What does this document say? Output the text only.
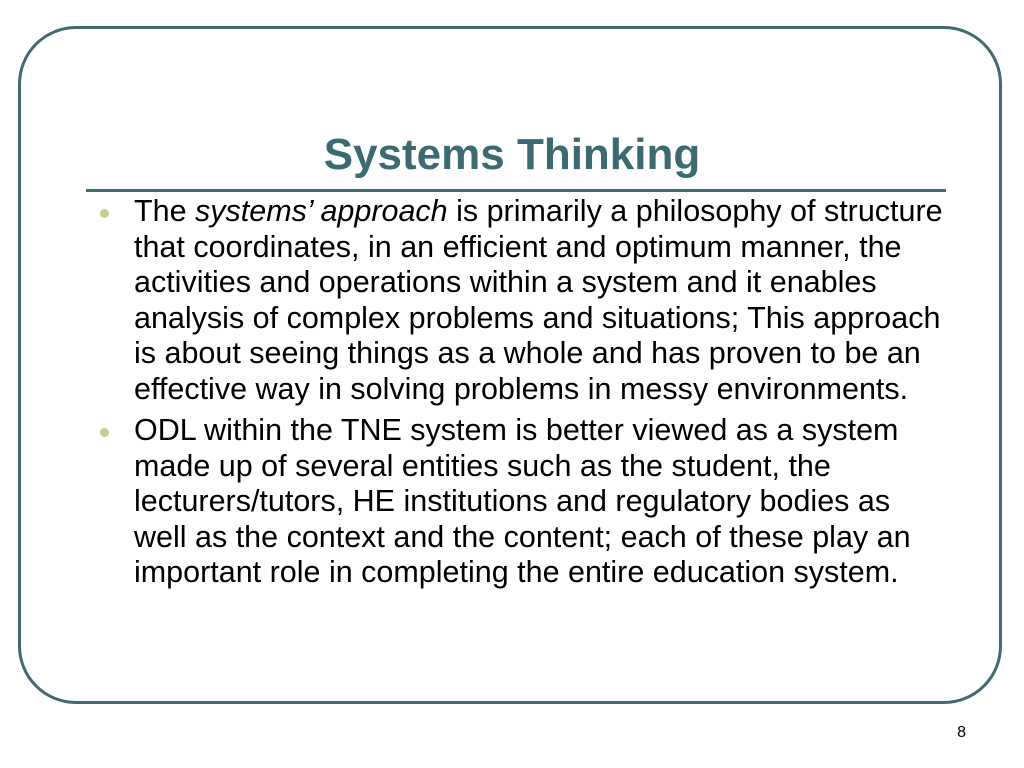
Systems Thinking
The systems’ approach is primarily a philosophy of structure that coordinates, in an efficient and optimum manner, the activities and operations within a system and it enables analysis of complex problems and situations; This approach is about seeing things as a whole and has proven to be an effective way in solving problems in messy environments.
ODL within the TNE system is better viewed as a system made up of several entities such as the student, the lecturers/tutors, HE institutions and regulatory bodies as well as the context and the content; each of these play an important role in completing the entire education system.
8
